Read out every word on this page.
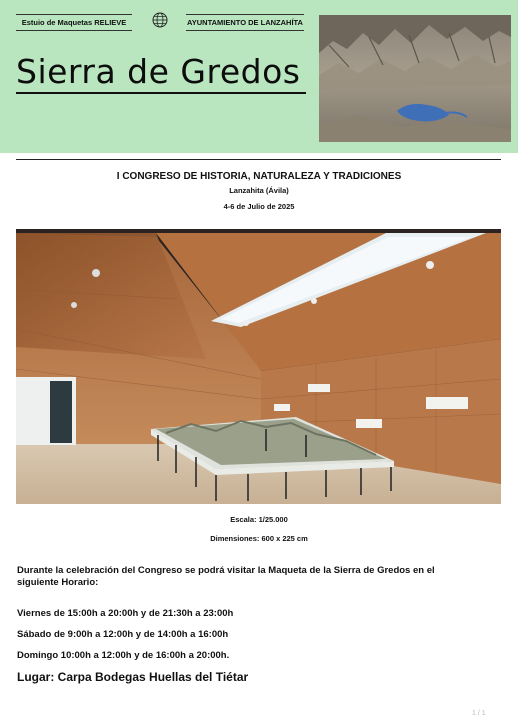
Estuio de Maquetas RELIEVE	AYUNTAMIENTO DE LANZAHÍTA
Sierra de Gredos
I CONGRESO DE HISTORIA, NATURALEZA Y TRADICIONES
Lanzahita (Ávila)
4-6 de Julio de 2025
Escala: 1/25.000
Dimensiones: 600 x 225 cm
Durante la celebración del Congreso se podrá visitar la Maqueta de la Sierra de Gredos en el siguiente Horario:
Viernes de 15:00h a 20:00h y de 21:30h a 23:00h
Sábado de 9:00h a 12:00h y de 14:00h a 16:00h
Domingo 10:00h a 12:00h y de 16:00h a 20:00h.
Lugar: Carpa Bodegas Huellas del Tiétar
1 / 1
